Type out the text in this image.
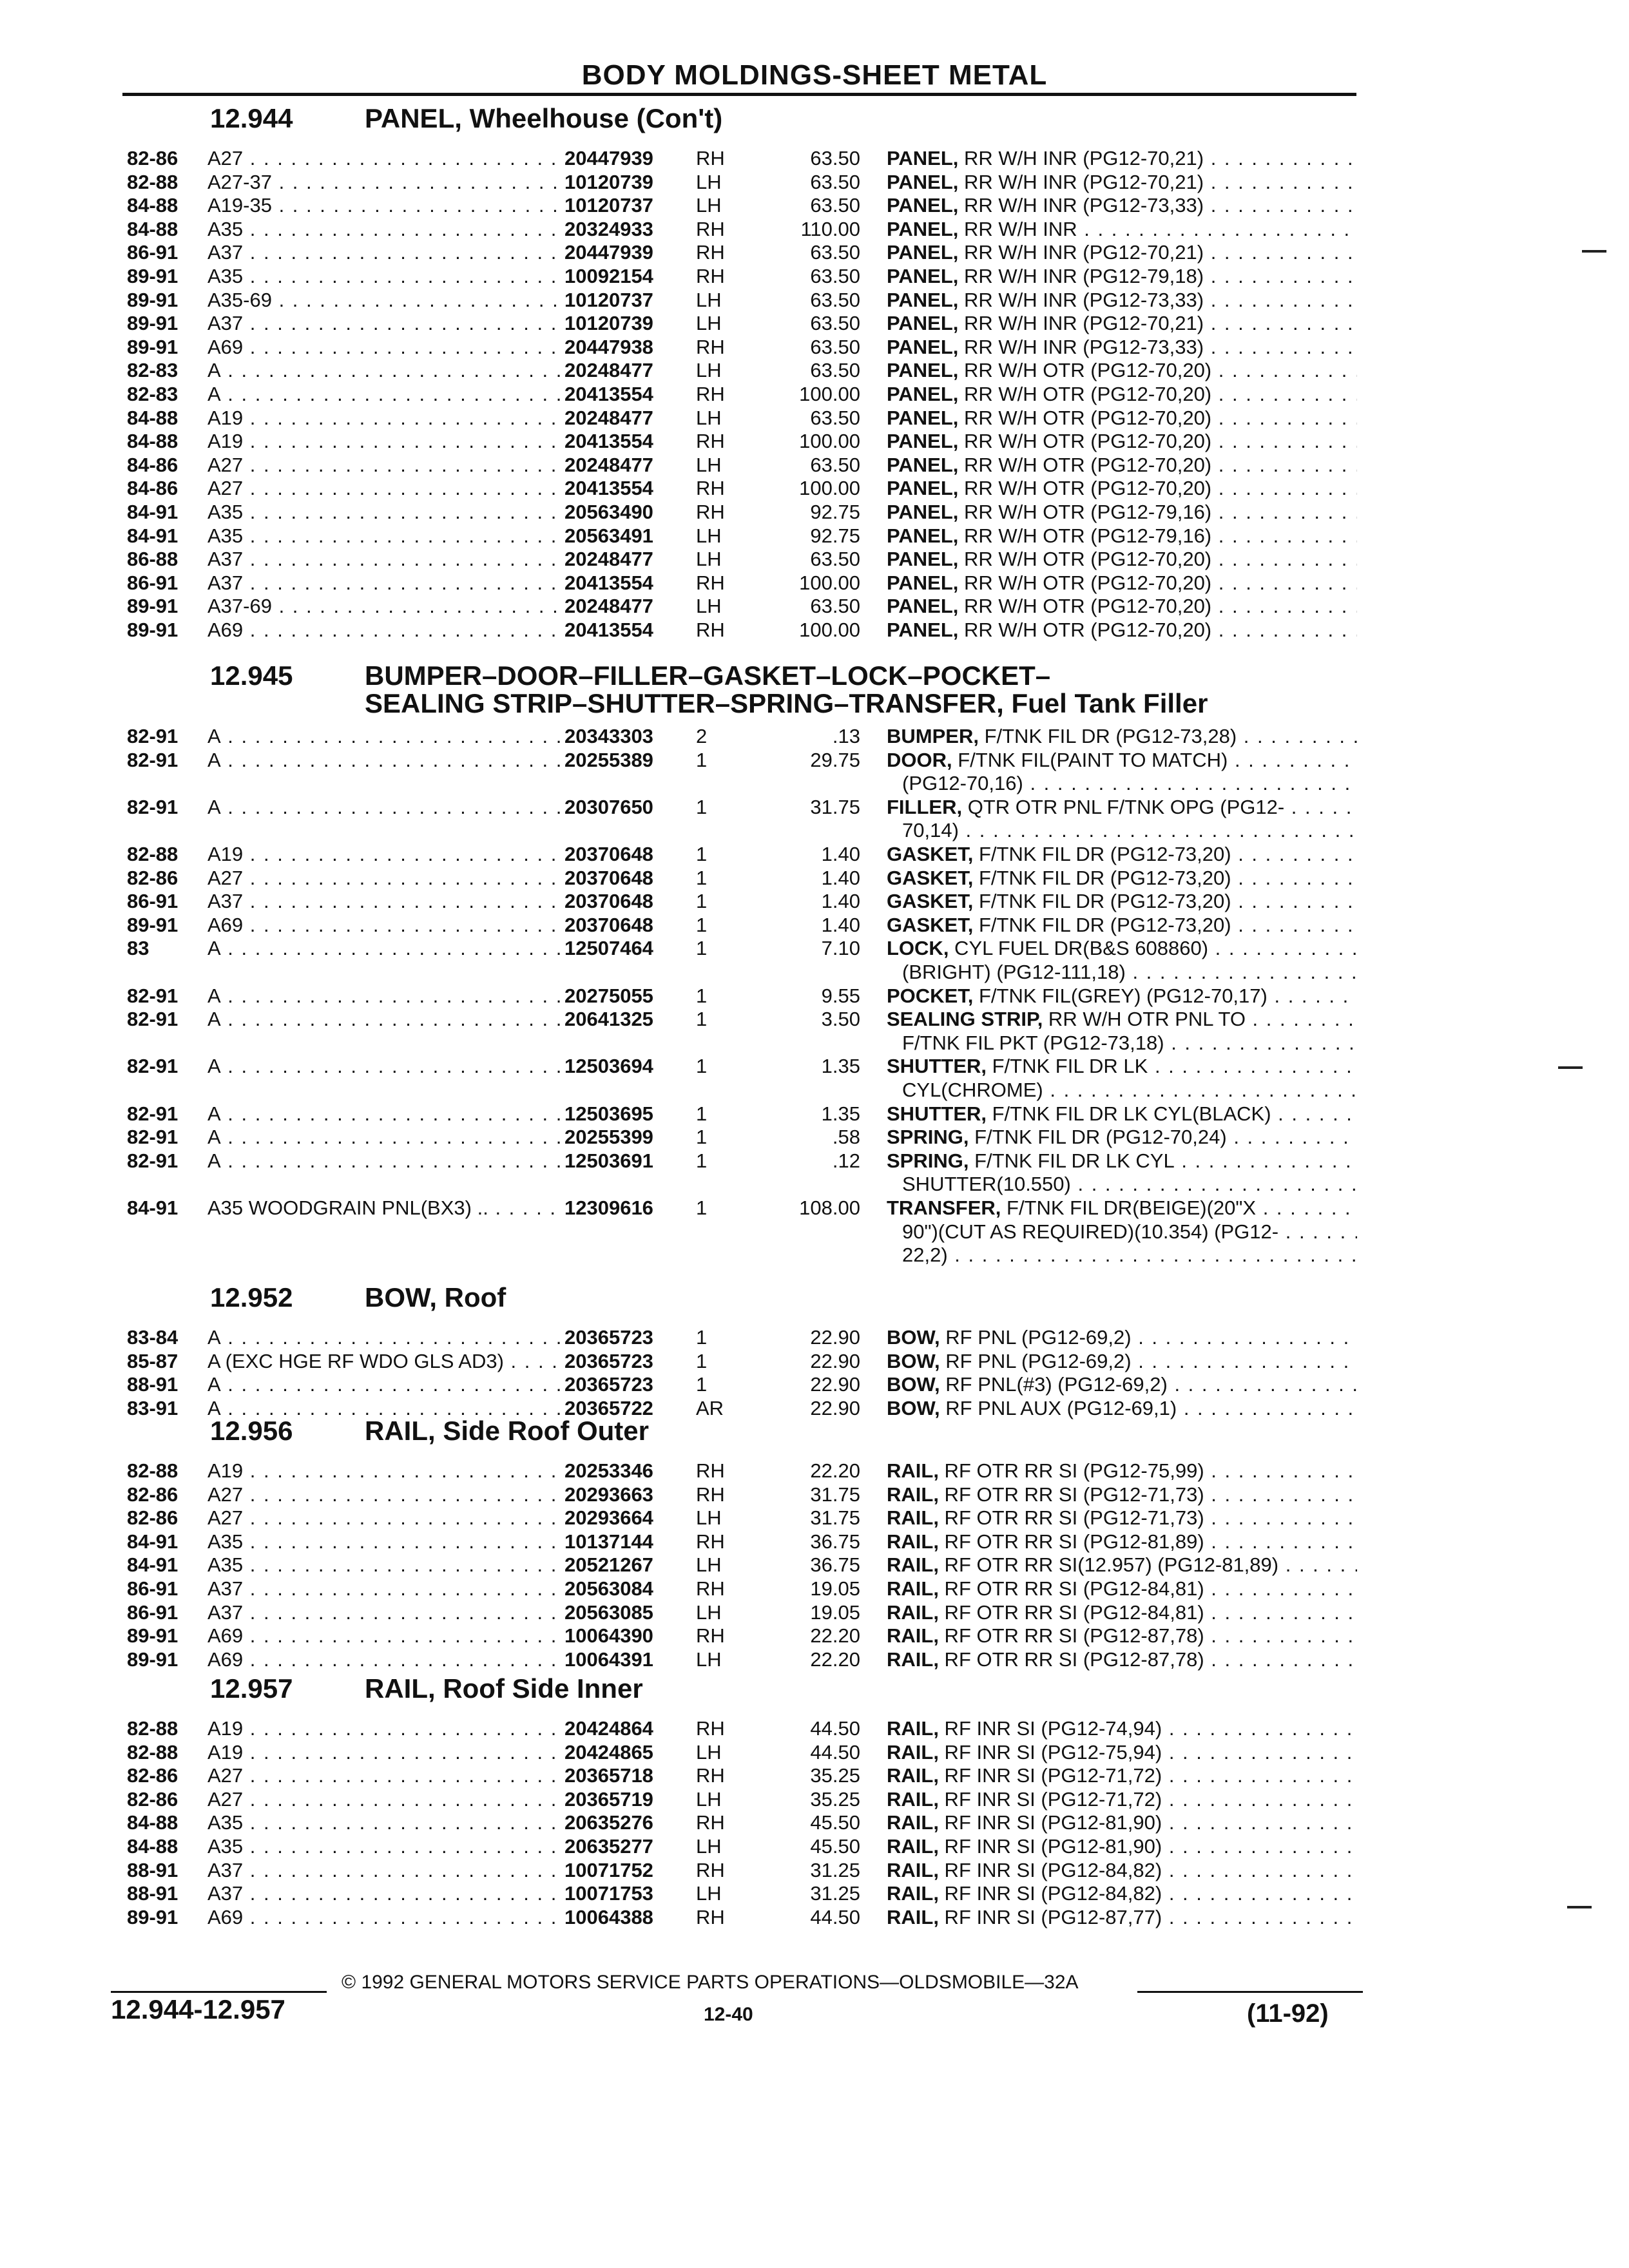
BODY MOLDINGS-SHEET METAL
12.944	PANEL, Wheelhouse (Con't)
82-86 A27 . . .	20447939 RH	63.50 PANEL, RR W/H INR (PG12-70,21) . . .
82-88 A27-37 . . .	10120739 LH	63.50 PANEL, RR W/H INR (PG12-70,21) . . .
84-88 A19-35 . . .	10120737 LH	63.50 PANEL, RR W/H INR (PG12-73,33) . . .
84-88 A35 . . .	20324933 RH	110.00 PANEL, RR W/H INR . . .
86-91 A37 . . .	20447939 RH	63.50 PANEL, RR W/H INR (PG12-70,21) . . .
89-91 A35 . . .	10092154 RH	63.50 PANEL, RR W/H INR (PG12-79,18) . . .
89-91 A35-69 . . .	10120737 LH	63.50 PANEL, RR W/H INR (PG12-73,33) . . .
89-91 A37 . . .	10120739 LH	63.50 PANEL, RR W/H INR (PG12-70,21) . . .
89-91 A69 . . .	20447938 RH	63.50 PANEL, RR W/H INR (PG12-73,33) . . .
82-83 A . . .	20248477 LH	63.50 PANEL, RR W/H OTR (PG12-70,20) . . .
82-83 A . . .	20413554 RH	100.00 PANEL, RR W/H OTR (PG12-70,20) . . .
84-88 A19 . . .	20248477 LH	63.50 PANEL, RR W/H OTR (PG12-70,20) . . .
84-88 A19 . . .	20413554 RH	100.00 PANEL, RR W/H OTR (PG12-70,20) . . .
84-86 A27 . . .	20248477 LH	63.50 PANEL, RR W/H OTR (PG12-70,20) . . .
84-86 A27 . . .	20413554 RH	100.00 PANEL, RR W/H OTR (PG12-70,20) . . .
84-91 A35 . . .	20563490 RH	92.75 PANEL, RR W/H OTR (PG12-79,16) . . .
84-91 A35 . . .	20563491 LH	92.75 PANEL, RR W/H OTR (PG12-79,16) . . .
86-88 A37 . . .	20248477 LH	63.50 PANEL, RR W/H OTR (PG12-70,20) . . .
86-91 A37 . . .	20413554 RH	100.00 PANEL, RR W/H OTR (PG12-70,20) . . .
89-91 A37-69 . . .	20248477 LH	63.50 PANEL, RR W/H OTR (PG12-70,20) . . .
89-91 A69 . . .	20413554 RH	100.00 PANEL, RR W/H OTR (PG12-70,20) . . .
12.945	BUMPER–DOOR–FILLER–GASKET–LOCK–POCKET–
SEALING STRIP–SHUTTER–SPRING–TRANSFER, Fuel Tank Filler
82-91 A . . .	20343303 2	.13 BUMPER, F/TNK FIL DR (PG12-73,28) . . .
82-91 A . . .	20255389 1	29.75 DOOR, F/TNK FIL(PAINT TO MATCH) . . .
(PG12-70,16) . . .
82-91 A . . .	20307650 1	31.75 FILLER, QTR OTR PNL F/TNK OPG (PG12- . . .
70,14) . . .
82-88 A19 . . .	20370648 1	1.40 GASKET, F/TNK FIL DR (PG12-73,20) . . .
82-86 A27 . . .	20370648 1	1.40 GASKET, F/TNK FIL DR (PG12-73,20) . . .
86-91 A37 . . .	20370648 1	1.40 GASKET, F/TNK FIL DR (PG12-73,20) . . .
89-91 A69 . . .	20370648 1	1.40 GASKET, F/TNK FIL DR (PG12-73,20) . . .
83	A . . .	12507464 1	7.10 LOCK, CYL FUEL DR(B&S 608860) . . .
(BRIGHT) (PG12-111,18) . . .
82-91 A . . .	20275055 1	9.55 POCKET, F/TNK FIL(GREY) (PG12-70,17) . . .
82-91 A . . .	20641325 1	3.50 SEALING STRIP, RR W/H OTR PNL TO . . .
F/TNK FIL PKT (PG12-73,18) . . .
82-91 A . . .	12503694 1	1.35 SHUTTER, F/TNK FIL DR LK . . .
CYL(CHROME) . . .
82-91 A . . .	12503695 1	1.35 SHUTTER, F/TNK FIL DR LK CYL(BLACK) . . .
82-91 A . . .	20255399 1	.58 SPRING, F/TNK FIL DR (PG12-70,24) . . .
82-91 A . . .	12503691 1	.12 SPRING, F/TNK FIL DR LK CYL . . .
SHUTTER(10.550) . . .
84-91 A35 WOODGRAIN PNL(BX3) .. . . .	12309616 1	108.00 TRANSFER, F/TNK FIL DR(BEIGE)(20"X . . .
90")(CUT AS REQUIRED)(10.354) (PG12- . . .
22,2) . . .
12.952	BOW, Roof
83-84 A . . .	20365723 1	22.90 BOW, RF PNL (PG12-69,2) . . .
85-87 A (EXC HGE RF WDO GLS AD3) . . .	20365723 1	22.90 BOW, RF PNL (PG12-69,2) . . .
88-91 A . . .	20365723 1	22.90 BOW, RF PNL(#3) (PG12-69,2) . . .
83-91 A . . .	20365722 AR	22.90 BOW, RF PNL AUX (PG12-69,1) . . .
12.956	RAIL, Side Roof Outer
82-88 A19 . . .	20253346 RH	22.20 RAIL, RF OTR RR SI (PG12-75,99) . . .
82-86 A27 . . .	20293663 RH	31.75 RAIL, RF OTR RR SI (PG12-71,73) . . .
82-86 A27 . . .	20293664 LH	31.75 RAIL, RF OTR RR SI (PG12-71,73) . . .
84-91 A35 . . .	10137144 RH	36.75 RAIL, RF OTR RR SI (PG12-81,89) . . .
84-91 A35 . . .	20521267 LH	36.75 RAIL, RF OTR RR SI(12.957) (PG12-81,89) . . .
86-91 A37 . . .	20563084 RH	19.05 RAIL, RF OTR RR SI (PG12-84,81) . . .
86-91 A37 . . .	20563085 LH	19.05 RAIL, RF OTR RR SI (PG12-84,81) . . .
89-91 A69 . . .	10064390 RH	22.20 RAIL, RF OTR RR SI (PG12-87,78) . . .
89-91 A69 . . .	10064391 LH	22.20 RAIL, RF OTR RR SI (PG12-87,78) . . .
12.957	RAIL, Roof Side Inner
82-88 A19 . . .	20424864 RH	44.50 RAIL, RF INR SI (PG12-74,94) . . .
82-88 A19 . . .	20424865 LH	44.50 RAIL, RF INR SI (PG12-75,94) . . .
82-86 A27 . . .	20365718 RH	35.25 RAIL, RF INR SI (PG12-71,72) . . .
82-86 A27 . . .	20365719 LH	35.25 RAIL, RF INR SI (PG12-71,72) . . .
84-88 A35 . . .	20635276 RH	45.50 RAIL, RF INR SI (PG12-81,90) . . .
84-88 A35 . . .	20635277 LH	45.50 RAIL, RF INR SI (PG12-81,90) . . .
88-91 A37 . . .	10071752 RH	31.25 RAIL, RF INR SI (PG12-84,82) . . .
88-91 A37 . . .	10071753 LH	31.25 RAIL, RF INR SI (PG12-84,82) . . .
89-91 A69 . . .	10064388 RH	44.50 RAIL, RF INR SI (PG12-87,77) . . .
© 1992 GENERAL MOTORS SERVICE PARTS OPERATIONS—OLDSMOBILE—32A
12.944-12.957	12-40	(11-92)
